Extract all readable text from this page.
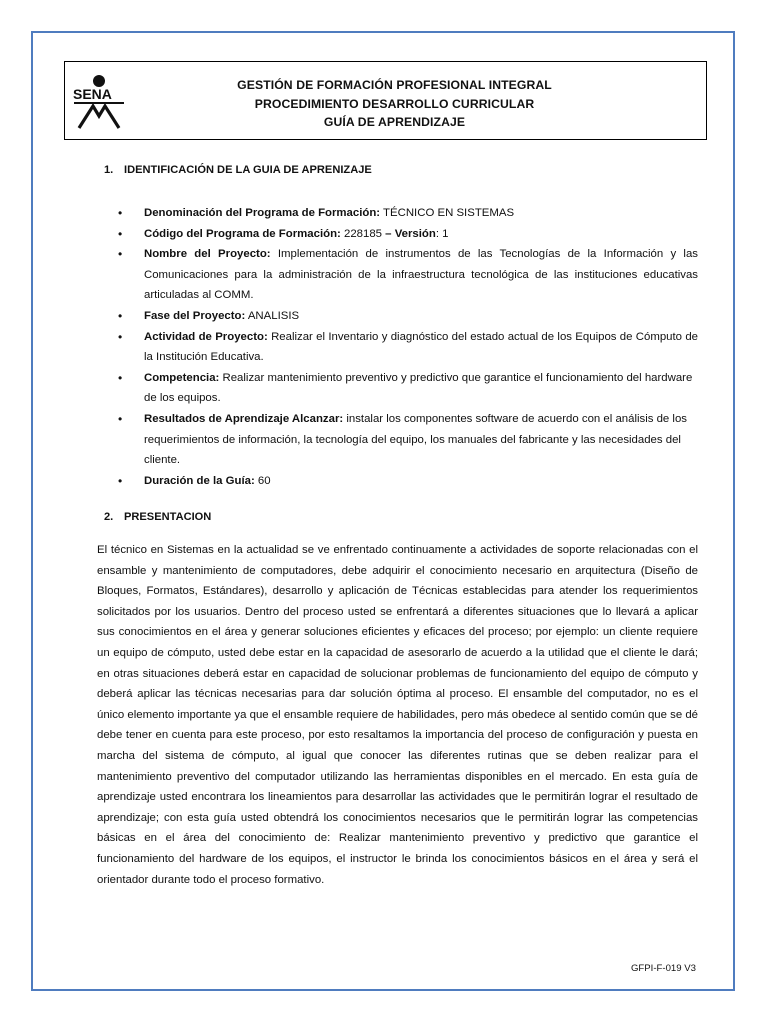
SENA
GESTIÓN DE FORMACIÓN PROFESIONAL INTEGRAL
PROCEDIMIENTO DESARROLLO CURRICULAR
GUÍA DE APRENDIZAJE
1. IDENTIFICACIÓN DE LA GUIA DE APRENIZAJE
• Denominación del Programa de Formación: TÉCNICO EN SISTEMAS
• Código del Programa de Formación: 228185 – Versión: 1
• Nombre del Proyecto: Implementación de instrumentos de las Tecnologías de la Información y las Comunicaciones para la administración de la infraestructura tecnológica de las instituciones educativas articuladas al COMM.
• Fase del Proyecto: ANALISIS
• Actividad de Proyecto: Realizar el Inventario y diagnóstico del estado actual de los Equipos de Cómputo de la Institución Educativa.
• Competencia: Realizar mantenimiento preventivo y predictivo que garantice el funcionamiento del hardware de los equipos.
• Resultados de Aprendizaje Alcanzar: instalar los componentes software de acuerdo con el análisis de los requerimientos de información, la tecnología del equipo, los manuales del fabricante y las necesidades del cliente.
• Duración de la Guía: 60
2. PRESENTACION

El técnico en Sistemas en la actualidad se ve enfrentado continuamente a actividades de soporte relacionadas con el ensamble y mantenimiento de computadores, debe adquirir el conocimiento necesario en arquitectura (Diseño de Bloques, Formatos, Estándares), desarrollo y aplicación de Técnicas establecidas para atender los requerimientos solicitados por los usuarios. Dentro del proceso usted se enfrentará a diferentes situaciones que lo llevará a aplicar sus conocimientos en el área y generar soluciones eficientes y eficaces del proceso; por ejemplo: un cliente requiere un equipo de cómputo, usted debe estar en la capacidad de asesorarlo de acuerdo a la utilidad que el cliente le dará; en otras situaciones deberá estar en capacidad de solucionar problemas de funcionamiento del equipo de cómputo y deberá aplicar las técnicas necesarias para dar solución óptima al proceso. El ensamble del computador, no es el único elemento importante ya que el ensamble requiere de habilidades, pero más obedece al sentido común que se dé debe tener en cuenta para este proceso, por esto resaltamos la importancia del proceso de configuración y puesta en marcha del sistema de cómputo, al igual que conocer las diferentes rutinas que se deben realizar para el mantenimiento preventivo del computador utilizando las herramientas disponibles en el mercado. En esta guía de aprendizaje usted encontrara los lineamientos para desarrollar las actividades que le permitirán lograr el resultado de aprendizaje; con esta guía usted obtendrá los conocimientos necesarios que le permitirán lograr las competencias básicas en el área del conocimiento de: Realizar mantenimiento preventivo y predictivo que garantice el funcionamiento del hardware de los equipos, el instructor le brinda los conocimientos básicos en el área y será el orientador durante todo el proceso formativo.

GFPI-F-019 V3
